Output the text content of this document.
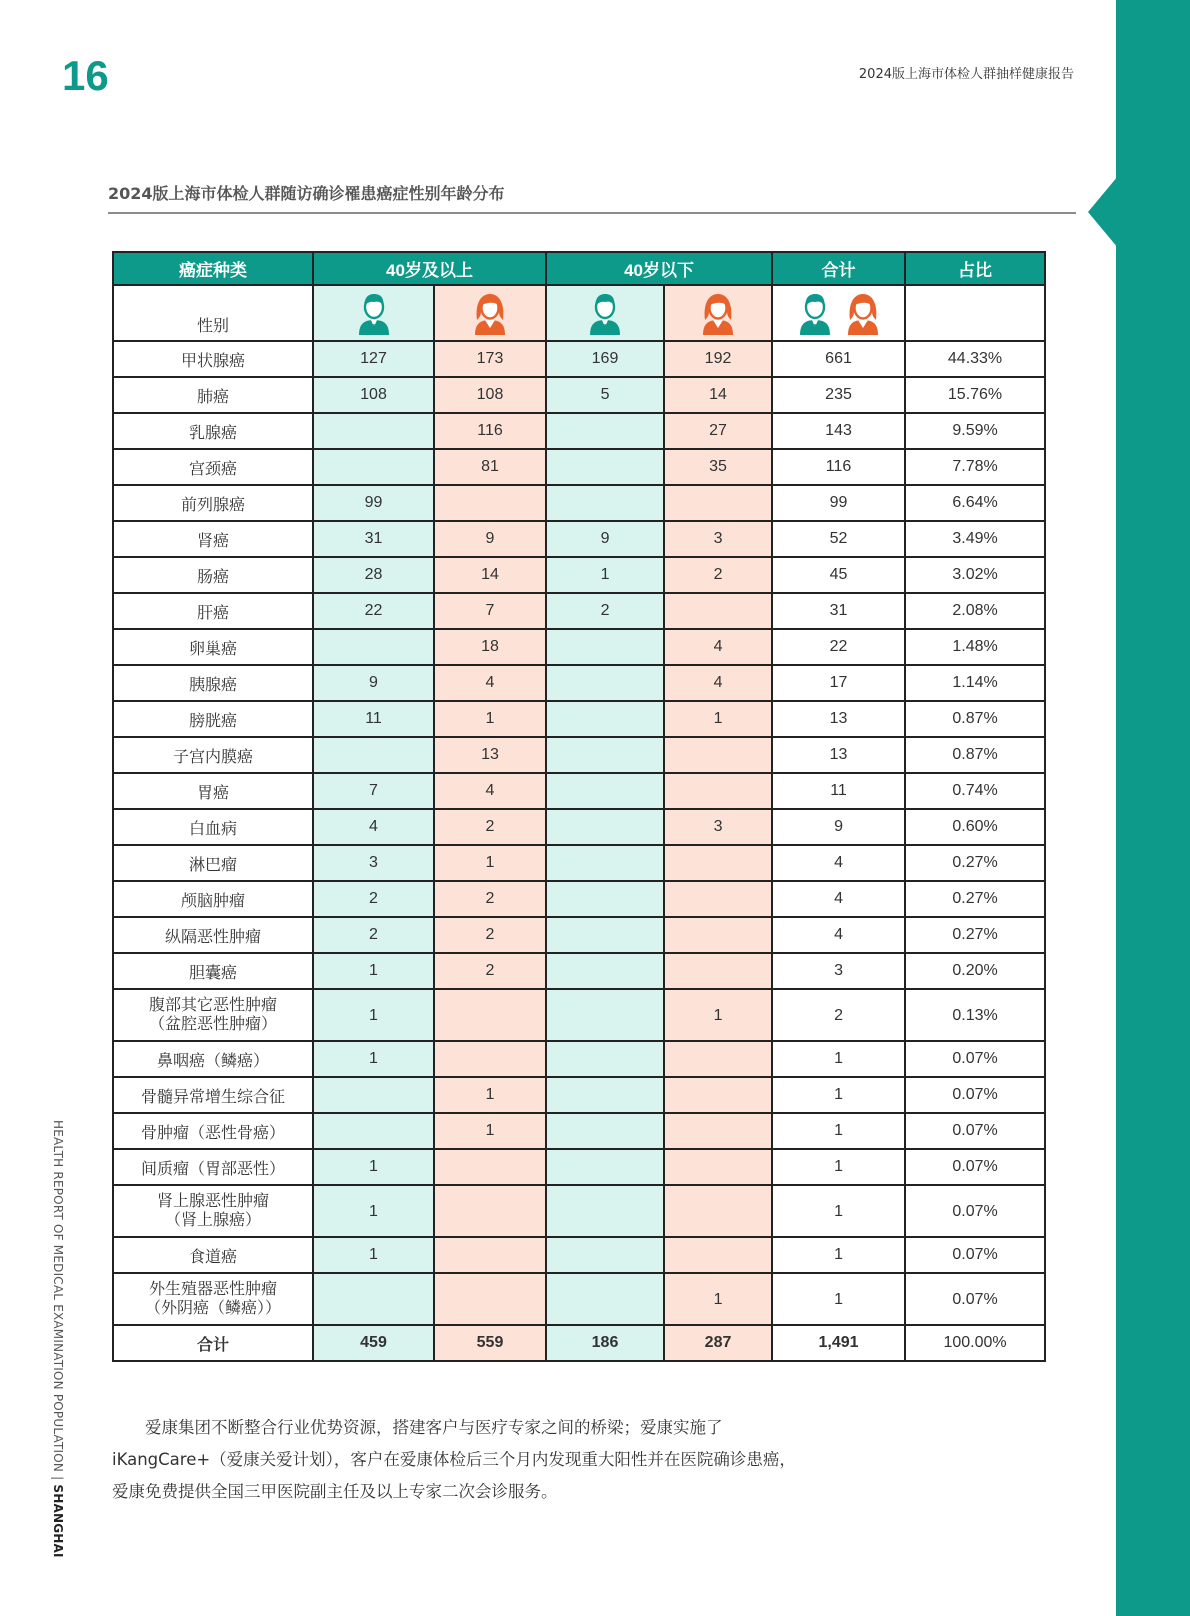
16	2024版上海市体检人群抽样健康报告
2024版上海市体检人群随访确诊罹患癌症性别年龄分布
癌症种类	40岁及以上		40岁以下		合计	占比
性别						

甲状腺癌	127	173	169	192	661	44.33%

肺癌	108	108	5	14	235	15.76%

乳腺癌		116		27	143	9.59%

宫颈癌		81		35	116	7.78%

前列腺癌	99				99	6.64%

肾癌	31	9	9	3	52	3.49%

肠癌	28	14	1	2	45	3.02%

肝癌	22	7	2		31	2.08%

卵巢癌		18		4	22	1.48%

胰腺癌	9	4		4	17	1.14%

膀胱癌	11	1		1	13	0.87%

子宫内膜癌		13			13	0.87%

胃癌	7	4			11	0.74%

白血病	4	2		3	9	0.60%

淋巴瘤	3	1			4	0.27%

颅脑肿瘤	2	2			4	0.27%

纵隔恶性肿瘤	2	2			4	0.27%

胆囊癌	1	2			3	0.20%

腹部其它恶性肿瘤
（盆腔恶性肿瘤）	1			1	2	0.13%

鼻咽癌（鳞癌）	1				1	0.07%

骨髓异常增生综合征		1			1	0.07%

骨肿瘤（恶性骨癌）		1			1	0.07%

间质瘤（胃部恶性）	1				1	0.07%

肾上腺恶性肿瘤
（肾上腺癌）	1				1	0.07%

食道癌	1				1	0.07%

外生殖器恶性肿瘤
（外阴癌（鳞癌））				1	1	0.07%
合计	459	559	186	287	1,491	100.00%

爱康集团不断整合行业优势资源，搭建客户与医疗专家之间的桥梁；爱康实施了

iKangCare+（爱康关爱计划），客户在爱康体检后三个月内发现重大阳性并在医院确诊患癌，

爱康免费提供全国三甲医院副主任及以上专家二次会诊服务。

HEALTH REPORT OF MEDICAL EXAMINATION POPULATION | SHANGHAI
